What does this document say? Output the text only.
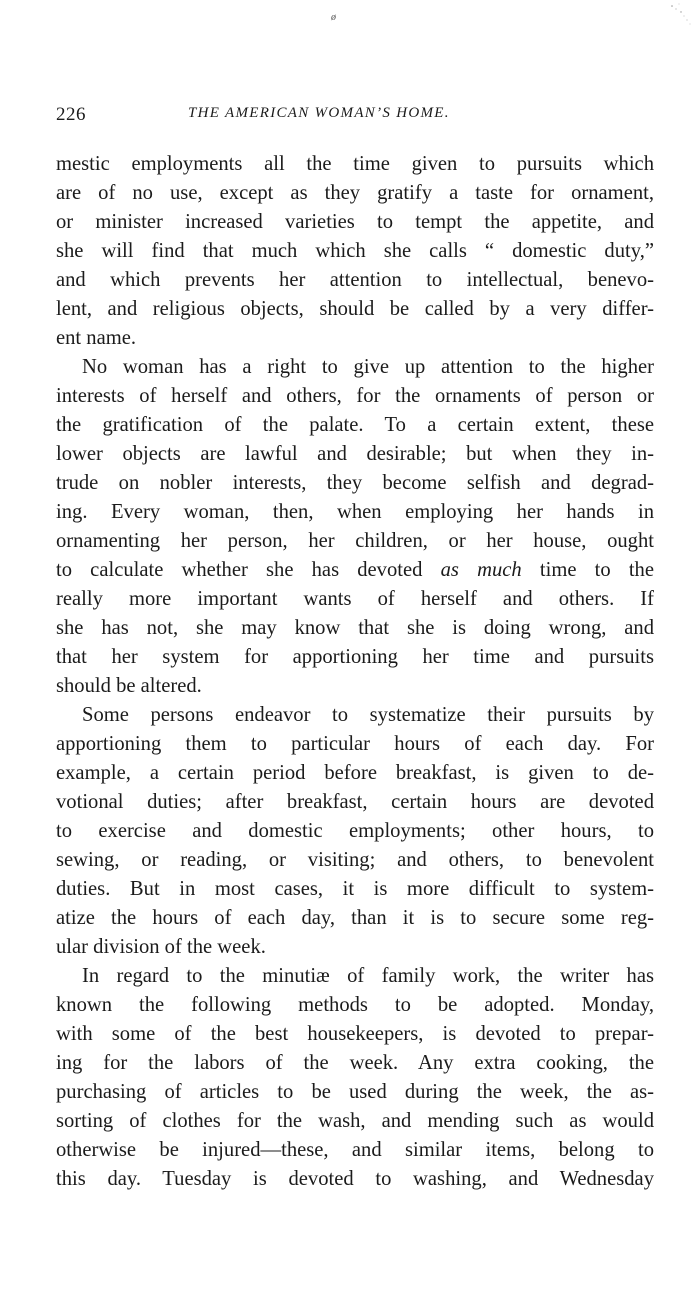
ø
226	THE AMERICAN WOMAN’S HOME.
mestic employments all the time given to pursuits which
are of no use, except as they gratify a taste for ornament,
or minister increased varieties to tempt the appetite, and
she will find that much which she calls “ domestic duty,”
and which prevents her attention to intellectual, benevo-
lent, and religious objects, should be called by a very differ-
ent name.
No woman has a right to give up attention to the higher
interests of herself and others, for the ornaments of person or
the gratification of the palate. To a certain extent, these
lower objects are lawful and desirable; but when they in-
trude on nobler interests, they become selfish and degrad-
ing. Every woman, then, when employing her hands in
ornamenting her person, her children, or her house, ought
to calculate whether she has devoted as much time to the
really more important wants of herself and others. If
she has not, she may know that she is doing wrong, and
that her system for apportioning her time and pursuits
should be altered.
Some persons endeavor to systematize their pursuits by
apportioning them to particular hours of each day. For
example, a certain period before breakfast, is given to de-
votional duties; after breakfast, certain hours are devoted
to exercise and domestic employments; other hours, to
sewing, or reading, or visiting; and others, to benevolent
duties. But in most cases, it is more difficult to system-
atize the hours of each day, than it is to secure some reg-
ular division of the week.
In regard to the minutiæ of family work, the writer has
known the following methods to be adopted. Monday,
with some of the best housekeepers, is devoted to prepar-
ing for the labors of the week. Any extra cooking, the
purchasing of articles to be used during the week, the as-
sorting of clothes for the wash, and mending such as would
otherwise be injured—these, and similar items, belong to
this day. Tuesday is devoted to washing, and Wednesday
